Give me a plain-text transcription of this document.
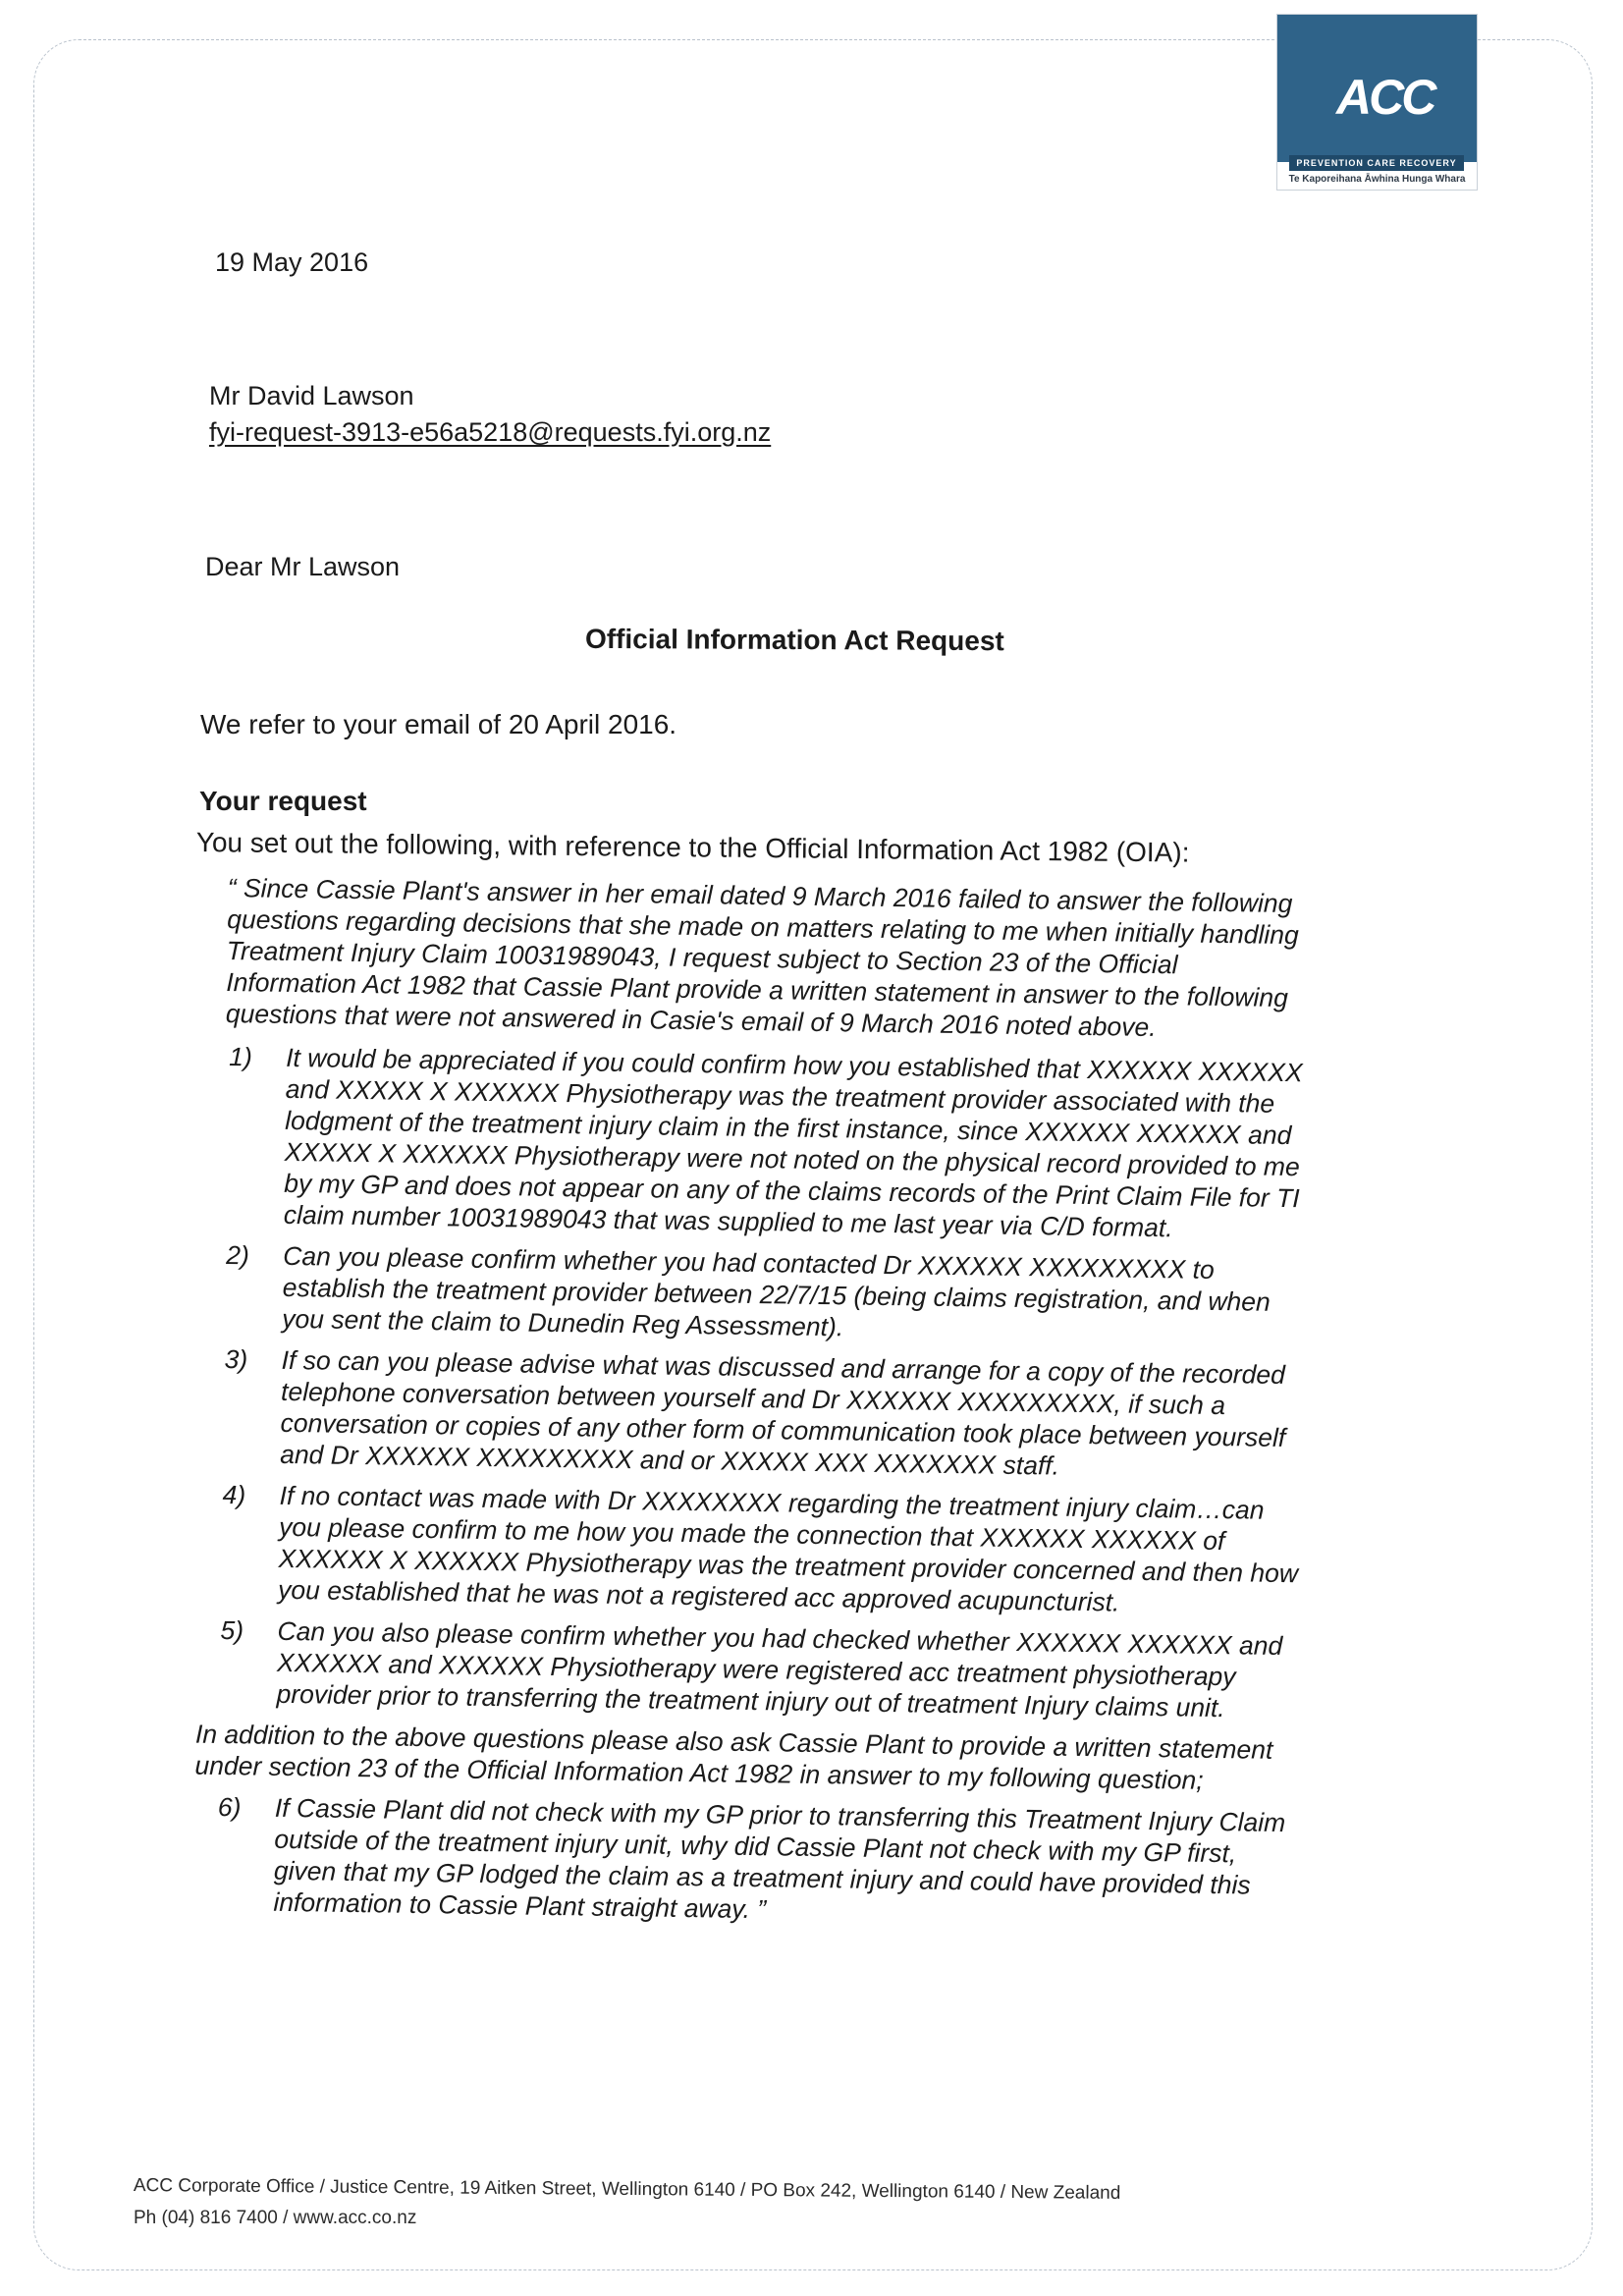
ACC
PREVENTION CARE RECOVERY
Te Kaporeihana Āwhina Hunga Whara
19 May 2016
Mr David Lawson
fyi-request-3913-e56a5218@requests.fyi.org.nz
Dear Mr Lawson
Official Information Act Request
We refer to your email of 20 April 2016.
Your request
You set out the following, with reference to the Official Information Act 1982 (OIA):

“ Since Cassie Plant's answer in her email dated 9 March 2016 failed to answer the following
questions regarding decisions that she made on matters relating to me when initially handling
Treatment Injury Claim 10031989043, I request subject to Section 23 of the Official
Information Act 1982 that Cassie Plant provide a written statement in answer to the following
questions that were not answered in Casie's email of 9 March 2016 noted above.

1)	It would be appreciated if you could confirm how you established that XXXXXX XXXXXX
and XXXXX X XXXXXX Physiotherapy was the treatment provider associated with the
lodgment of the treatment injury claim in the first instance, since XXXXXX XXXXXX and
XXXXX X XXXXXX Physiotherapy were not noted on the physical record provided to me
by my GP and does not appear on any of the claims records of the Print Claim File for TI
claim number 10031989043 that was supplied to me last year via C/D format.
2)	Can you please confirm whether you had contacted Dr XXXXXX XXXXXXXXX to
establish the treatment provider between 22/7/15 (being claims registration, and when
you sent the claim to Dunedin Reg Assessment).
3)	If so can you please advise what was discussed and arrange for a copy of the recorded
telephone conversation between yourself and Dr XXXXXX XXXXXXXXX, if such a
conversation or copies of any other form of communication took place between yourself
and Dr XXXXXX XXXXXXXXX and or XXXXX XXX XXXXXXX staff.
4)	If no contact was made with Dr XXXXXXXX regarding the treatment injury claim…can
you please confirm to me how you made the connection that XXXXXX XXXXXX of
XXXXXX X XXXXXX Physiotherapy was the treatment provider concerned and then how
you established that he was not a registered acc approved acupuncturist.
5)	Can you also please confirm whether you had checked whether XXXXXX XXXXXX and
XXXXXX and XXXXXX Physiotherapy were registered acc treatment physiotherapy
provider prior to transferring the treatment injury out of treatment Injury claims unit.
In addition to the above questions please also ask Cassie Plant to provide a written statement
under section 23 of the Official Information Act 1982 in answer to my following question;
6)	If Cassie Plant did not check with my GP prior to transferring this Treatment Injury Claim
outside of the treatment injury unit, why did Cassie Plant not check with my GP first,
given that my GP lodged the claim as a treatment injury and could have provided this
information to Cassie Plant straight away. ”
ACC Corporate Office / Justice Centre, 19 Aitken Street, Wellington 6140 / PO Box 242, Wellington 6140 / New Zealand
Ph (04) 816 7400 / www.acc.co.nz
